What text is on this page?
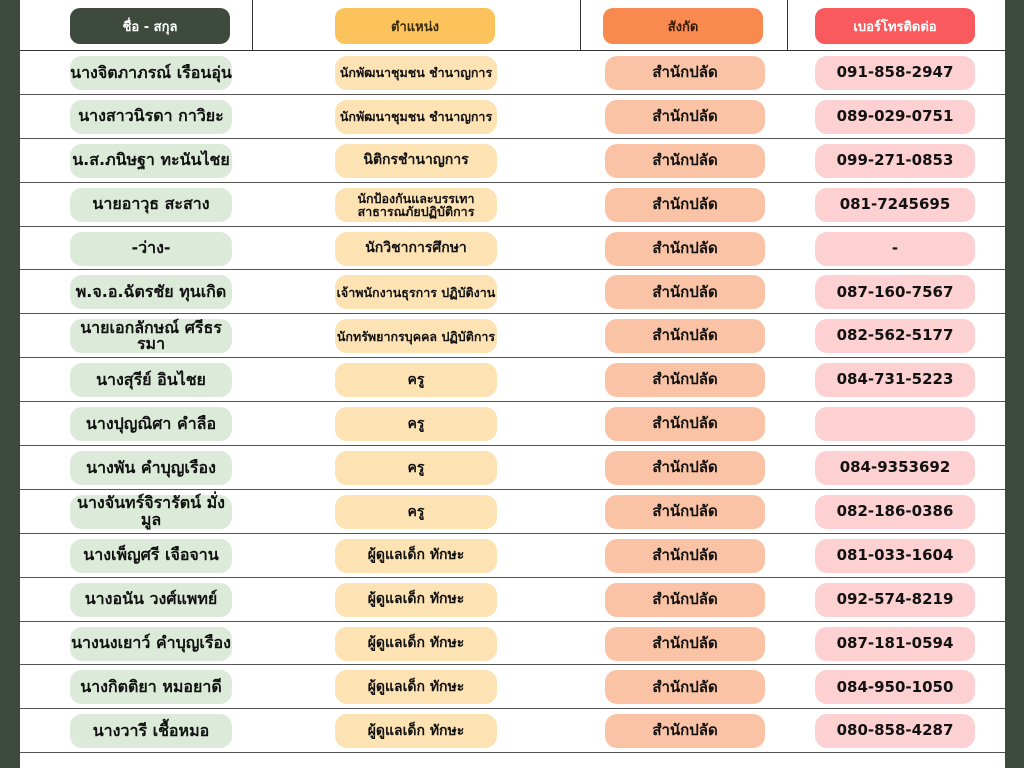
ชื่อ - สกุล	ตำแหน่ง	สังกัด	เบอร์โทรติดต่อ
นางจิตภาภรณ์ เรือนอุ่น	นักพัฒนาชุมชน ชำนาญการ	สำนักปลัด	091-858-2947
นางสาวนิรดา กาวิยะ	นักพัฒนาชุมชน ชำนาญการ	สำนักปลัด	089-029-0751
น.ส.ภนิษฐา ทะนันไชย	นิติกรชำนาญการ	สำนักปลัด	099-271-0853
นายอาวุธ สะสาง	นักป้องกันและบรรเทา สาธารณภัยปฏิบัติการ	สำนักปลัด	081-7245695
-ว่าง-	นักวิชาการศึกษา	สำนักปลัด	-
พ.จ.อ.ฉัตรชัย ทุนเกิด	เจ้าพนักงานธุรการ ปฏิบัติงาน	สำนักปลัด	087-160-7567
นายเอกลักษณ์ ศรีธรรมา	นักทรัพยากรบุคคล ปฏิบัติการ	สำนักปลัด	082-562-5177
นางสุรีย์ อินไชย	ครู	สำนักปลัด	084-731-5223
นางปุญณิศา คำลือ	ครู	สำนักปลัด
นางพัน คำบุญเรือง	ครู	สำนักปลัด	084-9353692
นางจันทร์จิรารัตน์ มั่งมูล	ครู	สำนักปลัด	082-186-0386
นางเพ็ญศรี เจือจาน	ผู้ดูแลเด็ก ทักษะ	สำนักปลัด	081-033-1604
นางอนัน วงศ์แพทย์	ผู้ดูแลเด็ก ทักษะ	สำนักปลัด	092-574-8219
นางนงเยาว์ คำบุญเรือง	ผู้ดูแลเด็ก ทักษะ	สำนักปลัด	087-181-0594
นางกิตติยา หมอยาดี	ผู้ดูแลเด็ก ทักษะ	สำนักปลัด	084-950-1050
นางวารี เชื้อหมอ	ผู้ดูแลเด็ก ทักษะ	สำนักปลัด	080-858-4287
